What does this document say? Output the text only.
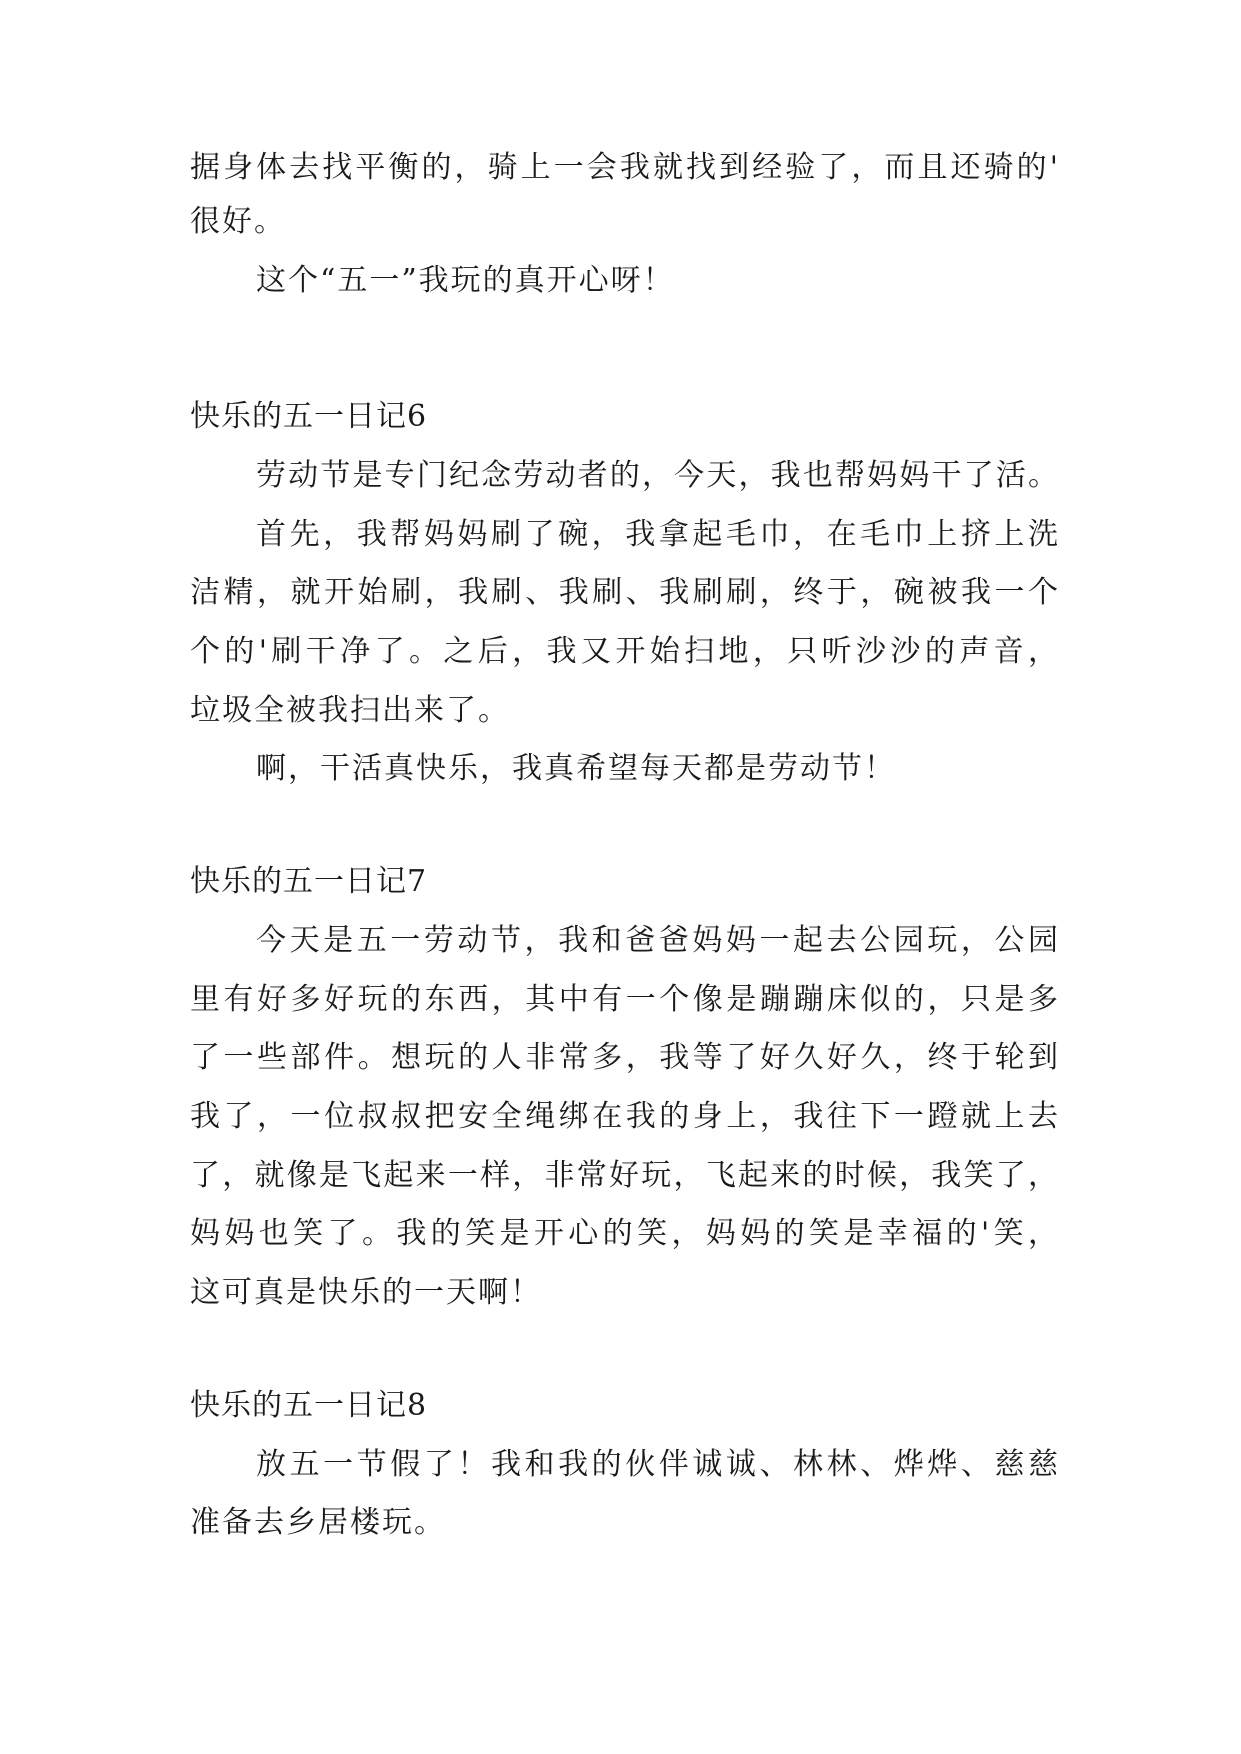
据身体去找平衡的，骑上一会我就找到经验了，而且还骑的'
很好。
这个“五一”我玩的真开心呀！
快乐的五一日记6
劳动节是专门纪念劳动者的，今天，我也帮妈妈干了活。
首先，我帮妈妈刷了碗，我拿起毛巾，在毛巾上挤上洗
洁精，就开始刷，我刷、我刷、我刷刷，终于，碗被我一个
个的'刷干净了。之后，我又开始扫地，只听沙沙的声音，
垃圾全被我扫出来了。
啊，干活真快乐，我真希望每天都是劳动节！
快乐的五一日记7
今天是五一劳动节，我和爸爸妈妈一起去公园玩，公园
里有好多好玩的东西，其中有一个像是蹦蹦床似的，只是多
了一些部件。想玩的人非常多，我等了好久好久，终于轮到
我了，一位叔叔把安全绳绑在我的身上，我往下一蹬就上去
了，就像是飞起来一样，非常好玩，飞起来的时候，我笑了，
妈妈也笑了。我的笑是开心的笑，妈妈的笑是幸福的'笑，
这可真是快乐的一天啊！
快乐的五一日记8
放五一节假了！我和我的伙伴诚诚、林林、烨烨、慈慈
准备去乡居楼玩。
